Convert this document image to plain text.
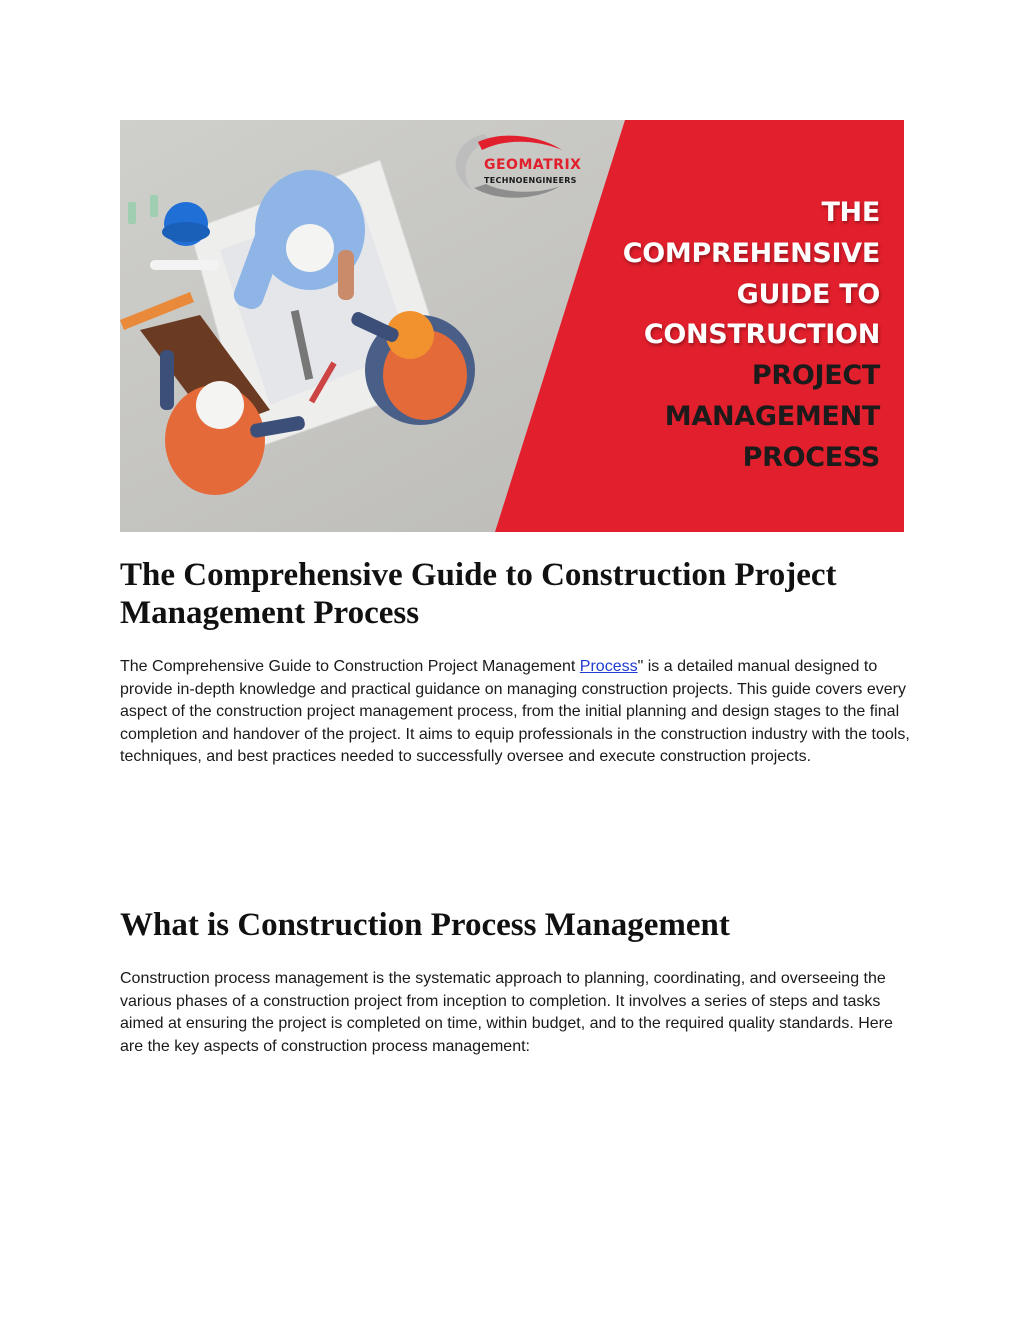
GEOMATRIX
TECHNOENGINEERS
THE
COMPREHENSIVE
GUIDE TO
CONSTRUCTION
PROJECT
MANAGEMENT
PROCESS
The Comprehensive Guide to Construction Project Management Process

The Comprehensive Guide to Construction Project Management Process" is a detailed manual designed to provide in-depth knowledge and practical guidance on managing construction projects. This guide covers every aspect of the construction project management process, from the initial planning and design stages to the final completion and handover of the project. It aims to equip professionals in the construction industry with the tools, techniques, and best practices needed to successfully oversee and execute construction projects.

What is Construction Process Management

Construction process management is the systematic approach to planning, coordinating, and overseeing the various phases of a construction project from inception to completion. It involves a series of steps and tasks aimed at ensuring the project is completed on time, within budget, and to the required quality standards. Here are the key aspects of construction process management:
